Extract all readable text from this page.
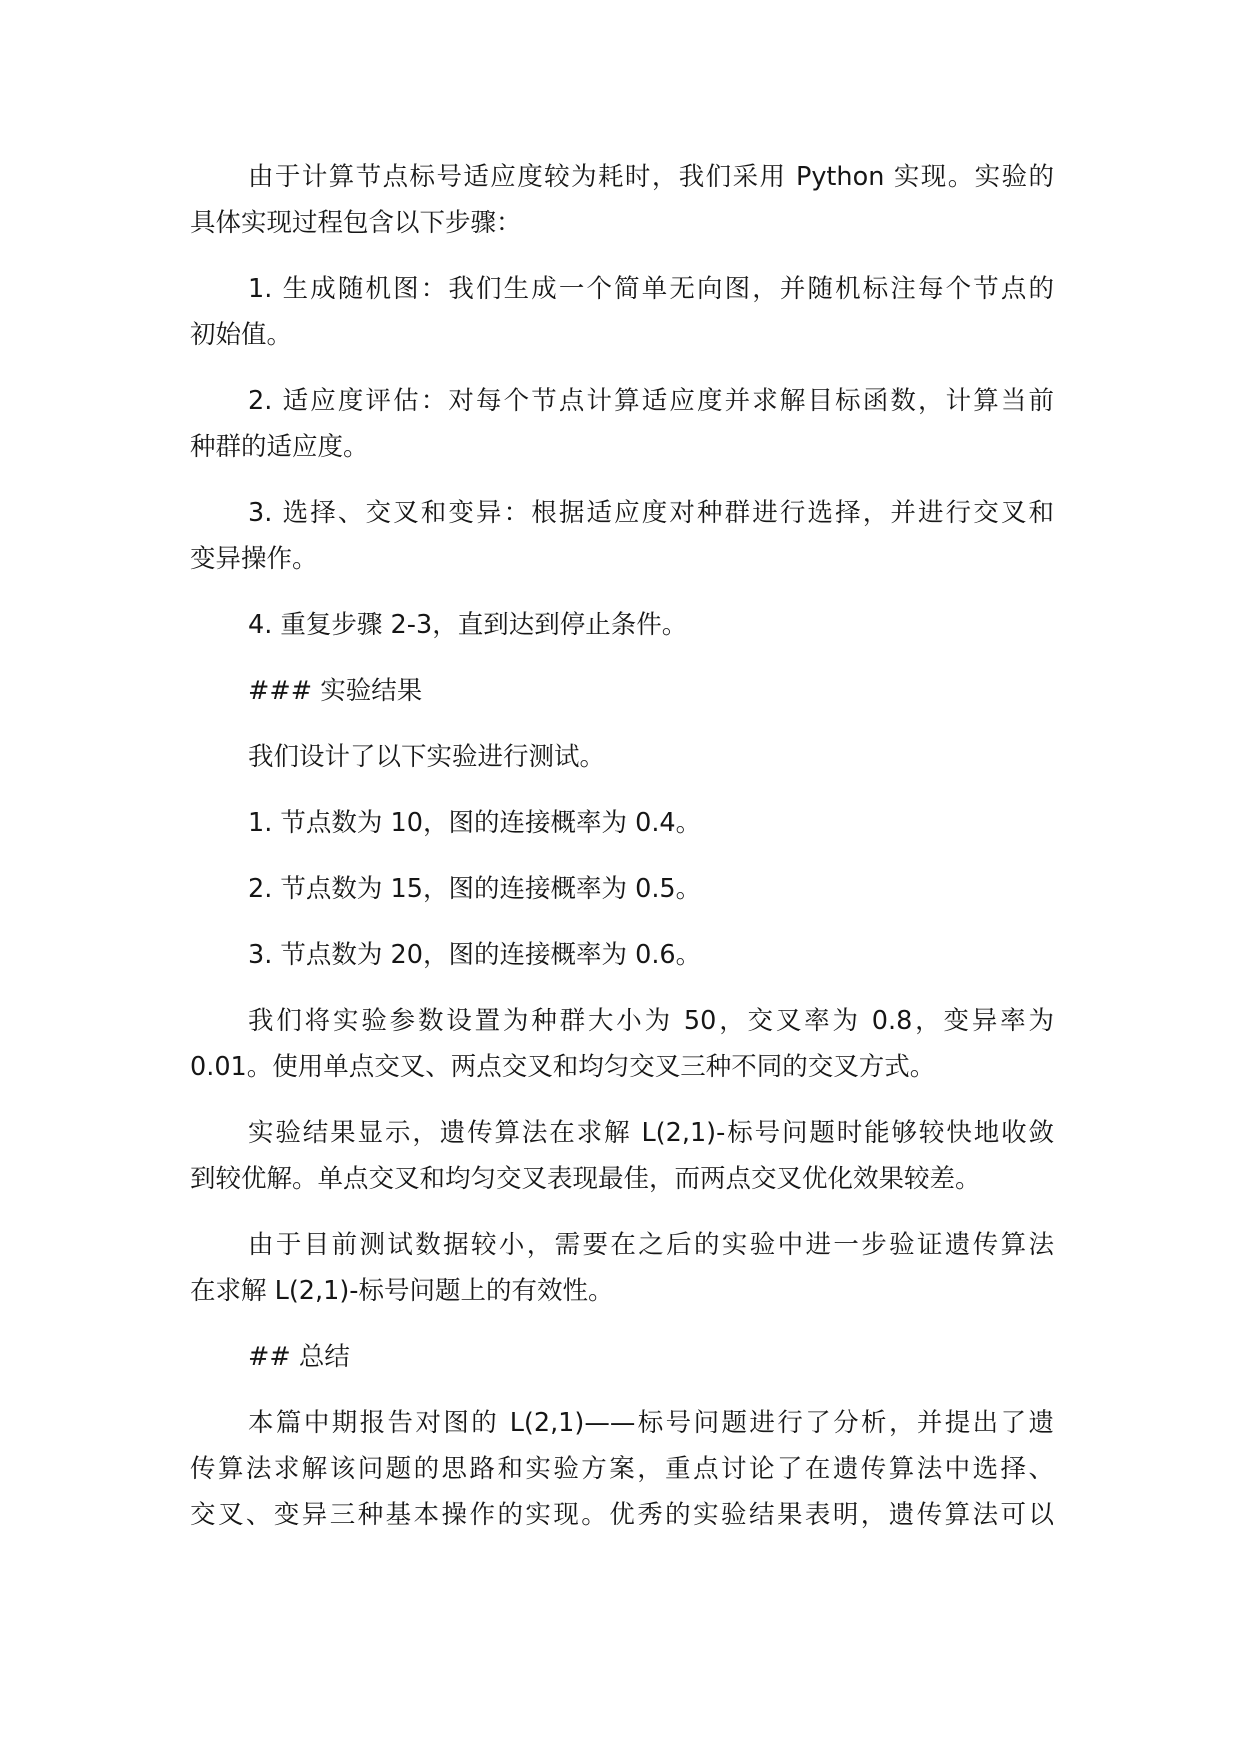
由于计算节点标号适应度较为耗时，我们采用 Python 实现。实验的
具体实现过程包含以下步骤：
1. 生成随机图：我们生成一个简单无向图，并随机标注每个节点的
初始值。
2. 适应度评估：对每个节点计算适应度并求解目标函数，计算当前
种群的适应度。
3. 选择、交叉和变异：根据适应度对种群进行选择，并进行交叉和
变异操作。
4. 重复步骤 2-3，直到达到停止条件。
### 实验结果
我们设计了以下实验进行测试。
1. 节点数为 10，图的连接概率为 0.4。
2. 节点数为 15，图的连接概率为 0.5。
3. 节点数为 20，图的连接概率为 0.6。
我们将实验参数设置为种群大小为 50，交叉率为 0.8，变异率为
0.01。使用单点交叉、两点交叉和均匀交叉三种不同的交叉方式。
实验结果显示，遗传算法在求解 L(2,1)-标号问题时能够较快地收敛
到较优解。单点交叉和均匀交叉表现最佳，而两点交叉优化效果较差。
由于目前测试数据较小，需要在之后的实验中进一步验证遗传算法
在求解 L(2,1)-标号问题上的有效性。
## 总结
本篇中期报告对图的 L(2,1)——标号问题进行了分析，并提出了遗
传算法求解该问题的思路和实验方案，重点讨论了在遗传算法中选择、
交叉、变异三种基本操作的实现。优秀的实验结果表明，遗传算法可以
